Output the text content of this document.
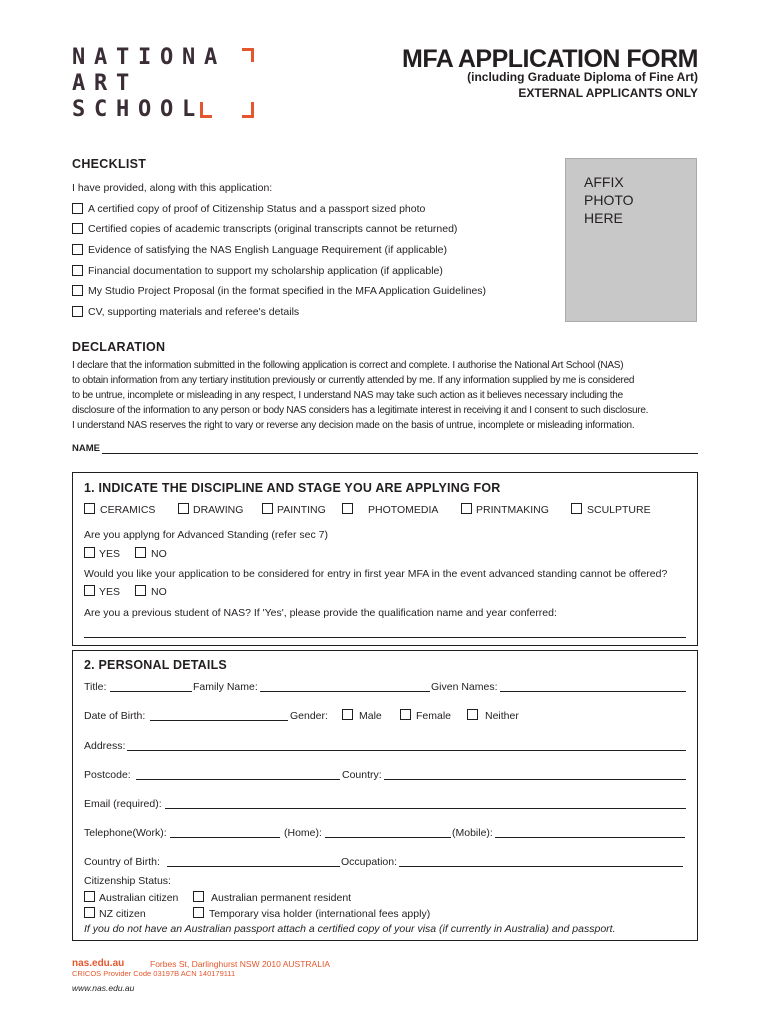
N A T I O N A
A R T
S C H O O L
MFA APPLICATION FORM
(including Graduate Diploma of Fine Art)
EXTERNAL APPLICANTS ONLY
AFFIX
PHOTO
HERE
CHECKLIST
I have provided, along with this application:
A certified copy of proof of Citizenship Status and a passport sized photo
Certified copies of academic transcripts (original transcripts cannot be returned)
Evidence of satisfying the NAS English Language Requirement (if applicable)
Financial documentation to support my scholarship application (if applicable)
My Studio Project Proposal (in the format specified in the MFA Application Guidelines)
CV, supporting materials and referee's details
DECLARATION
I declare that the information submitted in the following application is correct and complete. I authorise the National Art School (NAS)
to obtain information from any tertiary institution previously or currently attended by me. If any information supplied by me is considered
to be untrue, incomplete or misleading in any respect, I understand NAS may take such action as it believes necessary including the
disclosure of the information to any person or body NAS considers has a legitimate interest in receiving it and I consent to such disclosure.
I understand NAS reserves the right to vary or reverse any decision made on the basis of untrue, incomplete or misleading information.
NAME
1. INDICATE THE DISCIPLINE AND STAGE YOU ARE APPLYING FOR
CERAMICS	DRAWING	PAINTING	PHOTOMEDIA	PRINTMAKING	SCULPTURE
Are you applyng for Advanced Standing (refer sec 7)
YES	NO
Would you like your application to be considered for entry in first year MFA in the event advanced standing cannot be offered?
YES	NO
Are you a previous student of NAS? If 'Yes', please provide the qualification name and year conferred:
2. PERSONAL DETAILS
Title:	Family Name:	Given Names:
Date of Birth:	Gender:	Male	Female	Neither
Address:
Postcode:	Country:
Email (required):
Telephone(Work):	(Home):	(Mobile):
Country of Birth:	Occupation:
Citizenship Status:
Australian citizen	Australian permanent resident
NZ citizen	Temporary visa holder (international fees apply)
If you do not have an Australian passport attach a certified copy of your visa (if currently in Australia) and passport.
nas.edu.au	Forbes St, Darlinghurst NSW 2010 AUSTRALIA
CRICOS Provider Code 03197B ACN 140179111
www.nas.edu.au
